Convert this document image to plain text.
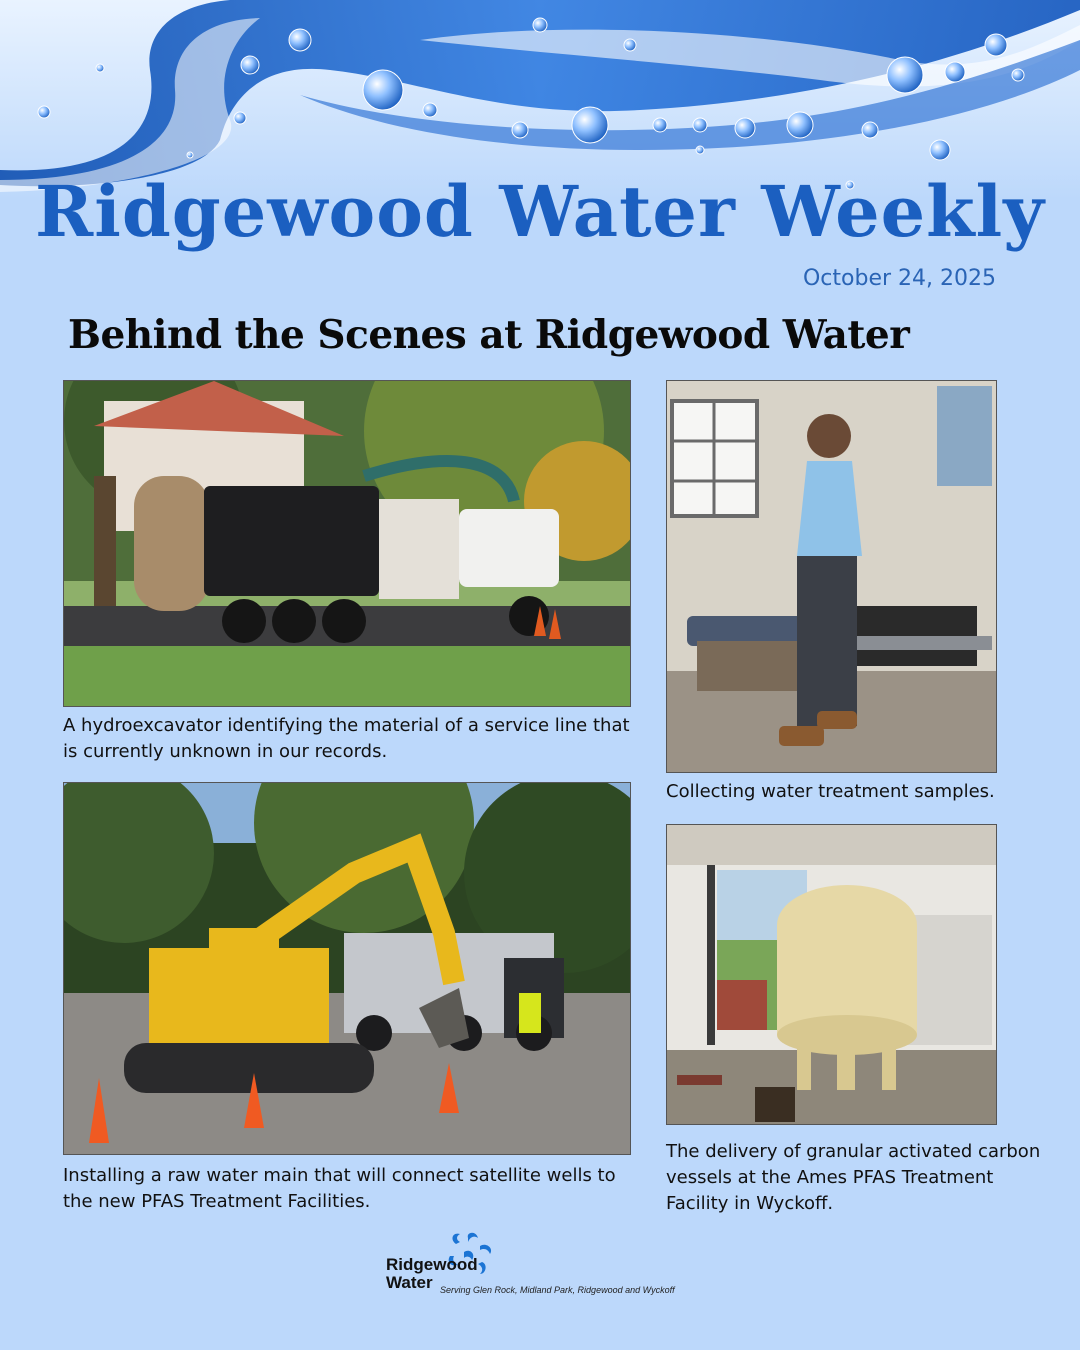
Ridgewood Water Weekly
October 24, 2025
Behind the Scenes at Ridgewood Water

A hydroexcavator identifying the material of a service line that is currently unknown in our records.

Collecting water treatment samples.

Installing a raw water main that will connect satellite wells to the new PFAS Treatment Facilities.

The delivery of granular activated carbon vessels at the Ames PFAS Treatment Facility in Wyckoff.

Ridgewood
Water Serving Glen Rock, Midland Park, Ridgewood and Wyckoff
